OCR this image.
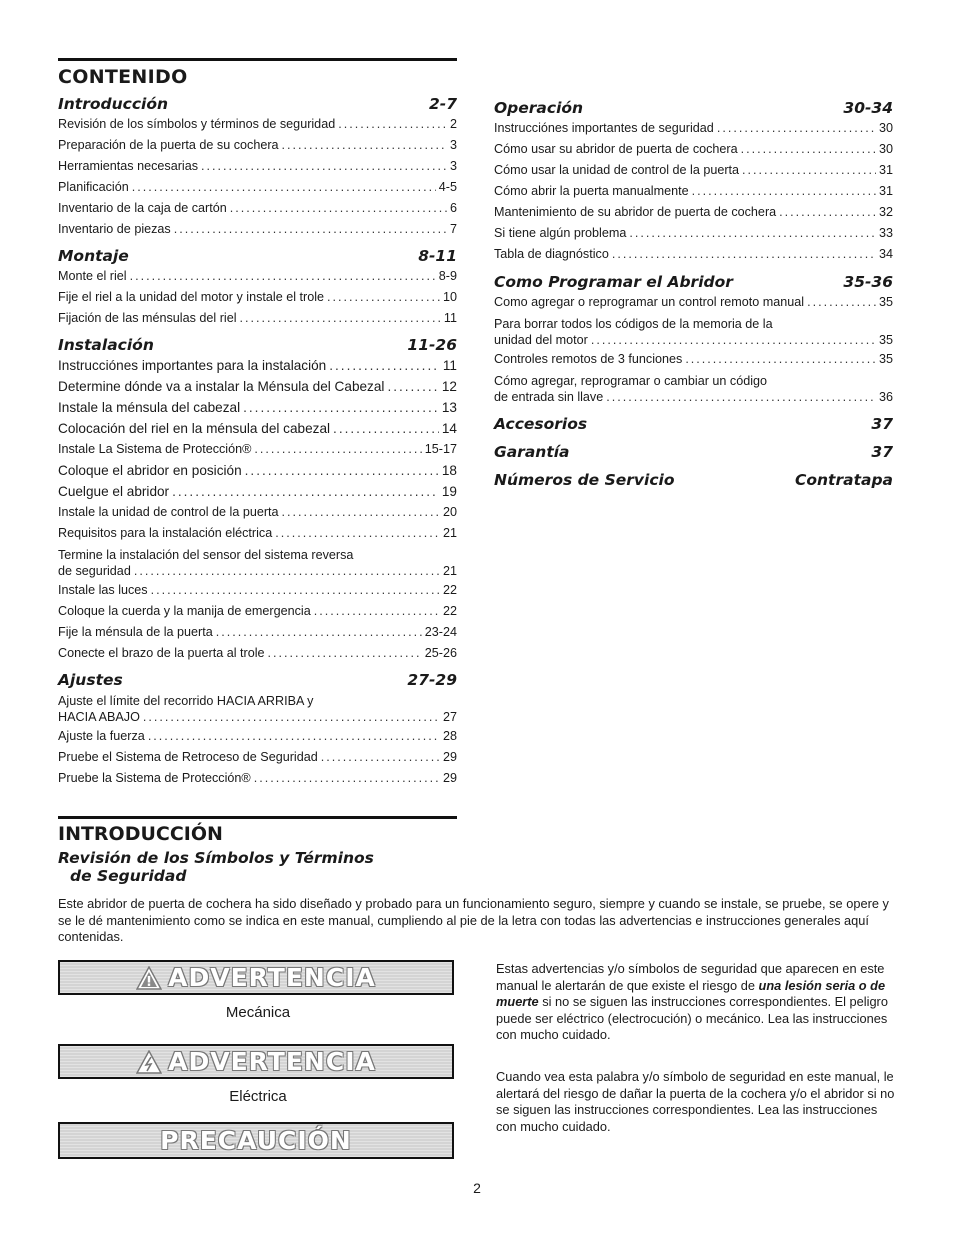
CONTENIDO
Introducción	2-7
Revisión de los símbolos y términos de seguridad .....	2
Preparación de la puerta de su cochera .....	3
Herramientas necesarias .....	3
Planificación .....	4-5
Inventario de la caja de cartón .....	6
Inventario de piezas .....	7
Montaje	8-11
Monte el riel .....	8-9
Fije el riel a la unidad del motor y instale el trole .....	10
Fijación de las ménsulas del riel .....	11
Instalación	11-26
Instrucciónes importantes para la instalación .....	11
Determine dónde va a instalar la Ménsula del Cabezal .....	12
Instale la ménsula del cabezal .....	13
Colocación del riel en la ménsula del cabezal .....	14
Instale La Sistema de Protección® .....	15-17
Coloque el abridor en posición .....	18
Cuelgue el abridor .....	19
Instale la unidad de control de la puerta .....	20
Requisitos para la instalación eléctrica .....	21
Termine la instalación del sensor del sistema reversa
de seguridad .....	21
Instale las luces .....	22
Coloque la cuerda y la manija de emergencia .....	22
Fije la ménsula de la puerta .....	23-24
Conecte el brazo de la puerta al trole .....	25-26
Ajustes	27-29
Ajuste el límite del recorrido HACIA ARRIBA y
HACIA ABAJO .....	27
Ajuste la fuerza .....	28
Pruebe el Sistema de Retroceso de Seguridad .....	29
Pruebe la Sistema de Protección® .....	29
Operación	30-34
Instrucciónes importantes de seguridad .....	30
Cómo usar su abridor de puerta de cochera .....	30
Cómo usar la unidad de control de la puerta .....	31
Cómo abrir la puerta manualmente .....	31
Mantenimiento de su abridor de puerta de cochera .....	32
Si tiene algún problema .....	33
Tabla de diagnóstico .....	34
Como Programar el Abridor	35-36
Como agregar o reprogramar un control remoto manual .....	35
Para borrar todos los códigos de la memoria de la
unidad del motor .....	35
Controles remotos de 3 funciones .....	35
Cómo agregar, reprogramar o cambiar un código
de entrada sin llave .....	36
Accesorios	37
Garantía	37
Números de Servicio	Contratapa
INTRODUCCIÓN
Revisión de los Símbolos y Términos
de Seguridad
Este abridor de puerta de cochera ha sido diseñado y probado para un funcionamiento seguro, siempre y cuando se instale, se pruebe, se opere y se le dé mantenimiento como se indica en este manual, cumpliendo al pie de la letra con todas las advertencias e instrucciones generales aquí contenidas.
ADVERTENCIA
Mecánica
ADVERTENCIA
Eléctrica
PRECAUCIÓN
Estas advertencias y/o símbolos de seguridad que aparecen en este manual le alertarán de que existe el riesgo de una lesión seria o de muerte si no se siguen las instrucciones correspondientes. El peligro puede ser eléctrico (electrocución) o mecánico. Lea las instrucciones con mucho cuidado.
Cuando vea esta palabra y/o símbolo de seguridad en este manual, le alertará del riesgo de dañar la puerta de la cochera y/o el abridor si no se siguen las instrucciones correspondientes. Lea las instrucciones con mucho cuidado.
2
